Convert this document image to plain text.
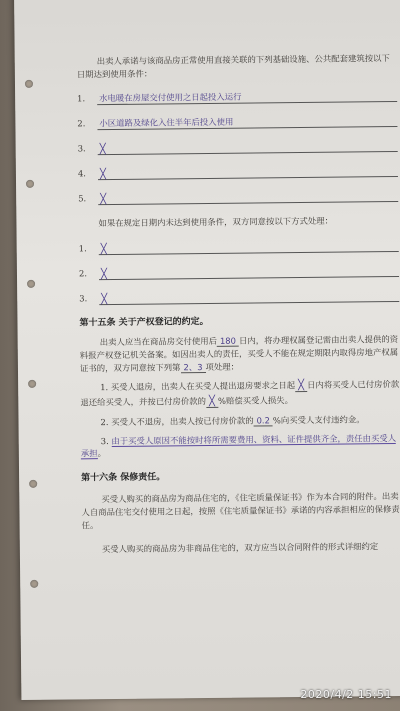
出卖人承诺与该商品房正常使用直接关联的下列基础设施、公共配套建筑按以下日期达到使用条件：

1.	水电暖在房屋交付使用之日起投入运行
2.	小区道路及绿化入住半年后投入使用
3.	╳
4.	╳
5.	╳

如果在规定日期内未达到使用条件，双方同意按以下方式处理：

1.	╳
2.	╳
3.	╳

第十五条 关于产权登记的约定。

出卖人应当在商品房交付使用后 180 日内，将办理权属登记需由出卖人提供的资料报产权登记机关备案。如因出卖人的责任，买受人不能在规定期限内取得房地产权属证书的，双方同意按下列第 2、3 项处理：

1. 买受人退房，出卖人在买受人提出退房要求之日起 ╳ 日内将买受人已付房价款退还给买受人，并按已付房价款的 ╳ %赔偿买受人损失。

2. 买受人不退房，出卖人按已付房价款的 0.2 %向买受人支付违约金。

3. 由于买受人原因不能按时将所需要费用、资料、证件提供齐全，责任由买受人承担。

第十六条 保修责任。

买受人购买的商品房为商品住宅的，《住宅质量保证书》作为本合同的附件。出卖人自商品住宅交付使用之日起，按照《住宅质量保证书》承诺的内容承担相应的保修责任。

买受人购买的商品房为非商品住宅的，双方应当以合同附件的形式详细约定

2020/4/2 15:51
